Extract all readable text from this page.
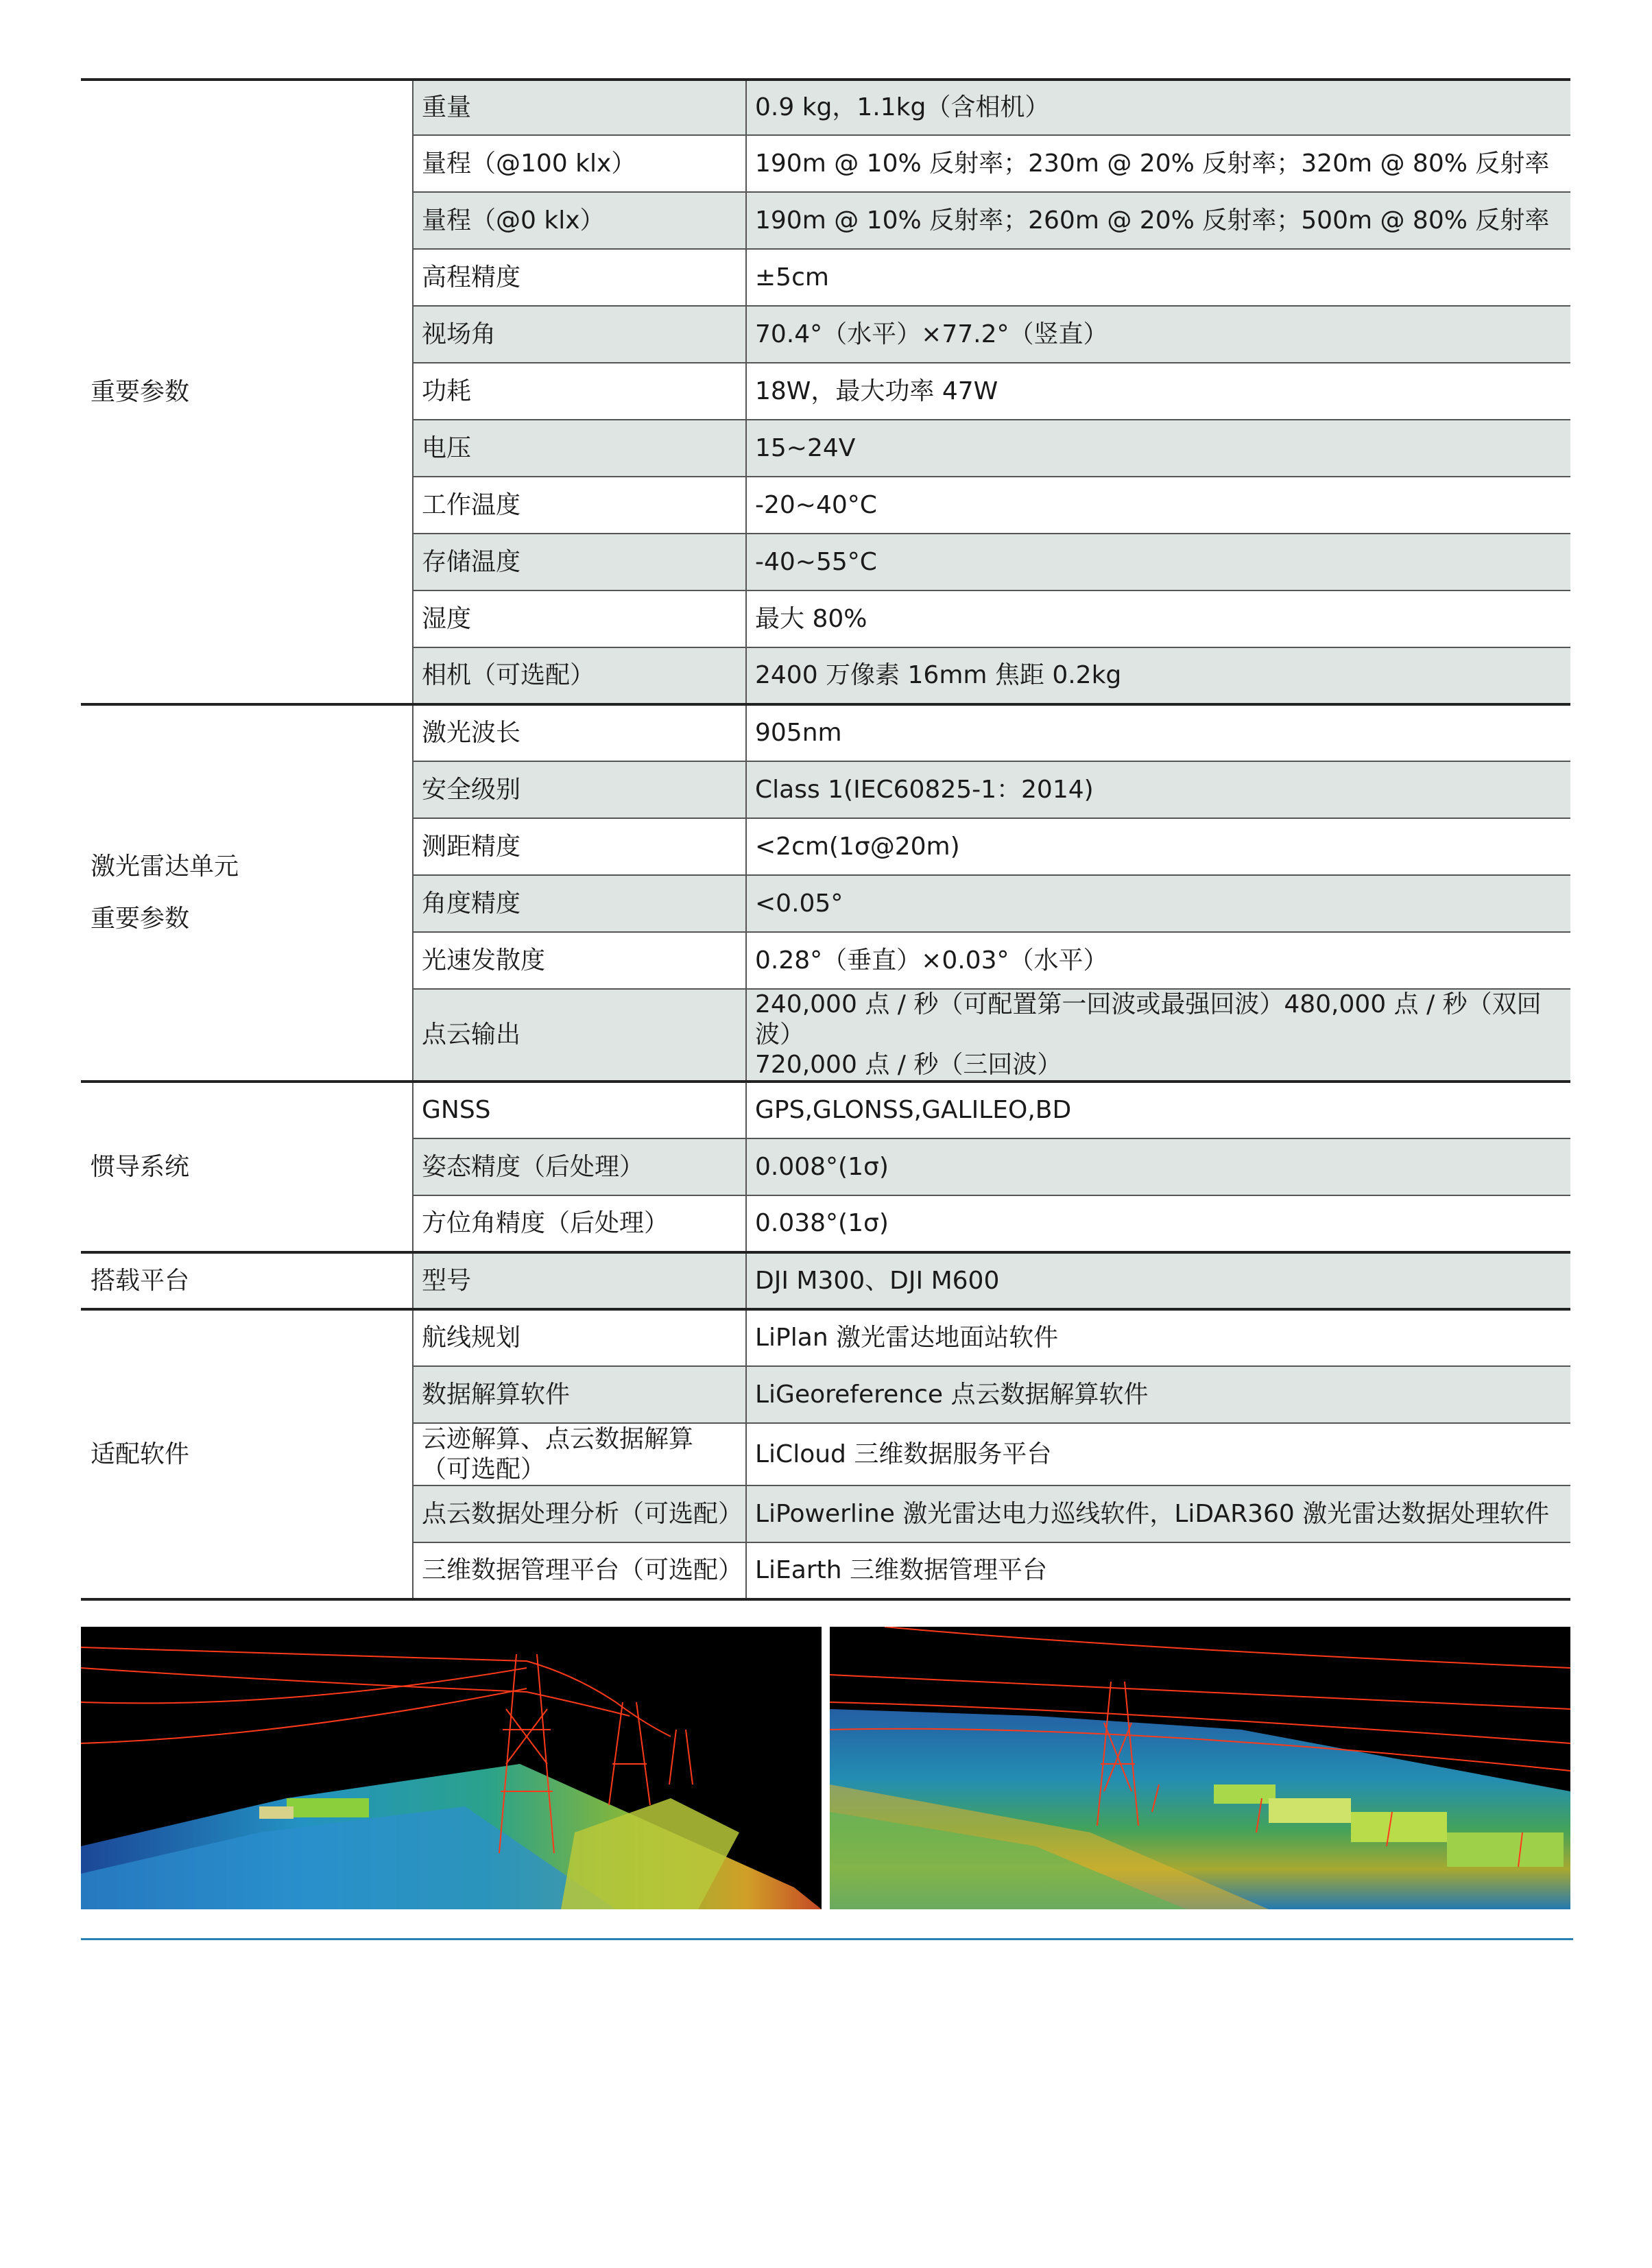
重要参数	重量	0.9 kg，1.1kg（含相机）

	量程（@100 klx）	190m @ 10% 反射率；230m @ 20% 反射率；320m @ 80% 反射率

	量程（@0 klx）	190m @ 10% 反射率；260m @ 20% 反射率；500m @ 80% 反射率

	高程精度	±5cm

	视场角	70.4°（水平）×77.2°（竖直）

	功耗	18W，最大功率 47W

	电压	15~24V

	工作温度	-20~40°C

	存储温度	-40~55°C

	湿度	最大 80%

	相机（可选配）	2400 万像素 16mm 焦距 0.2kg

激光雷达单元
重要参数	激光波长	905nm

	安全级别	Class 1(IEC60825-1：2014)

	测距精度	<2cm(1σ@20m)

	角度精度	<0.05°

	光速发散度	0.28°（垂直）×0.03°（水平）

	点云输出	240,000 点 / 秒（可配置第一回波或最强回波）480,000 点 / 秒（双回波）
720,000 点 / 秒（三回波）

惯导系统	GNSS	GPS,GLONSS,GALILEO,BD

	姿态精度（后处理）	0.008°(1σ)

	方位角精度（后处理）	0.038°(1σ)

搭载平台	型号	DJI M300、DJI M600

适配软件	航线规划	LiPlan 激光雷达地面站软件

	数据解算软件	LiGeoreference 点云数据解算软件

	云迹解算、点云数据解算
（可选配）	LiCloud 三维数据服务平台

	点云数据处理分析（可选配）	LiPowerline 激光雷达电力巡线软件，LiDAR360 激光雷达数据处理软件

	三维数据管理平台（可选配）	LiEarth 三维数据管理平台
